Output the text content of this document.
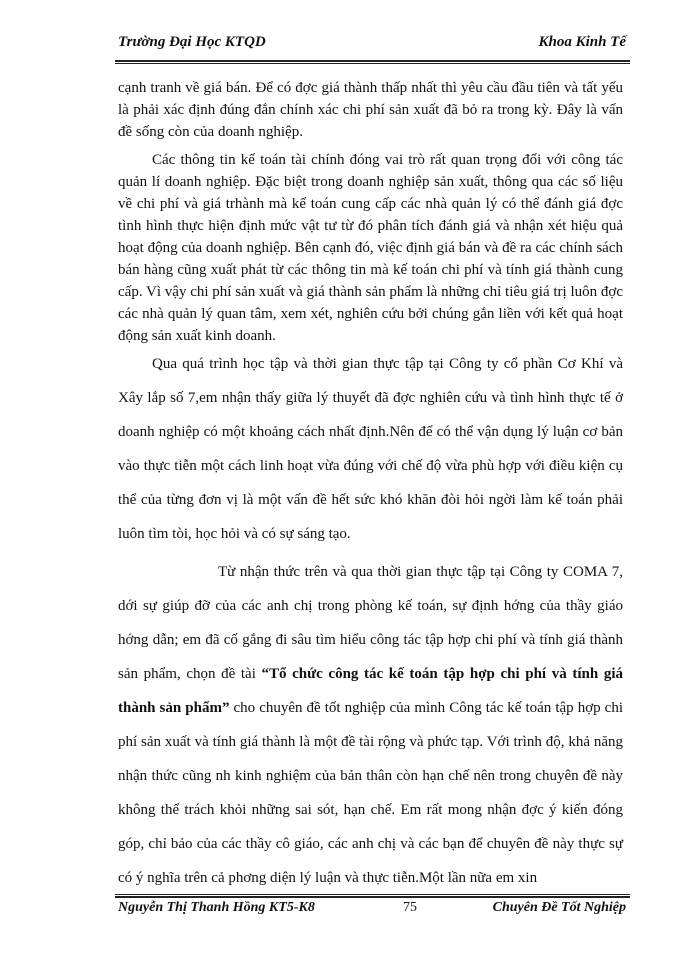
Trường Đại Học KTQD	Khoa Kinh Tế

cạnh tranh về giá bán. Để có đợc giá thành thấp nhất thì yêu cầu đầu tiên và tất yếu là phải xác định đúng đắn chính xác chi phí sản xuất đã bỏ ra trong kỳ. Đây là vấn đề sống còn của doanh nghiệp.

Các thông tin kế toán tài chính đóng vai trò rất quan trọng đối với công tác quản lí doanh nghiệp. Đặc biệt trong doanh nghiệp sản xuất, thông qua các số liệu về chi phí và giá trhành mà kế toán cung cấp các nhà quản lý có thể đánh giá đợc tình hình thực hiện định mức vật tư từ đó phân tích đánh giá và nhận xét hiệu quả hoạt động của doanh nghiệp. Bên cạnh đó, việc định giá bán và đề ra các chính sách bán hàng cũng xuất phát từ các thông tin mà kế toán chi phí và tính giá thành cung cấp. Vì vậy chi phí sản xuất và giá thành sản phẩm là những chỉ tiêu giá trị luôn đợc các nhà quản lý quan tâm, xem xét, nghiên cứu bởi chúng gắn liền với kết quả hoạt động sản xuất kinh doanh.

Qua quá trình học tập và thời gian thực tập tại Công ty cổ phần Cơ Khí và Xây lắp số 7,em nhận thấy giữa lý thuyết đã đợc nghiên cứu và tình hình thực tế ở doanh nghiệp có một khoảng cách nhất định.Nên để có thể vận dụng lý luận cơ bản vào thực tiễn một cách linh hoạt vừa đúng với chế độ vừa phù hợp với điều kiện cụ thể của từng đơn vị là một vấn đề hết sức khó khăn đòi hỏi ngời làm kế toán phải luôn tìm tòi, học hỏi và có sự sáng tạo.

Từ nhận thức trên và qua thời gian thực tập tại Công ty COMA 7, dới sự giúp đỡ của các anh chị trong phòng kế toán, sự định hớng của thầy giáo hớng dẫn; em đã cố gắng đi sâu tìm hiểu công tác tập hợp chi phí và tính giá thành sản phẩm, chọn đề tài “Tổ chức công tác kế toán tập hợp chi phí và tính giá thành sản phẩm” cho chuyên đề tốt nghiệp của mình Công tác kế toán tập hợp chi phí sản xuất và tính giá thành là một đề tài rộng và phức tạp. Với trình độ, khả năng nhận thức cũng nh kinh nghiệm của bản thân còn hạn chế nên trong chuyên đề này không thể trách khỏi những sai sót, hạn chế. Em rất mong nhận đợc ý kiến đóng góp, chỉ bảo của các thầy cô giáo, các anh chị và các bạn để chuyên đề này thực sự có ý nghĩa trên cả phơng diện lý luận và thực tiễn.Một lần nữa em xin

Nguyễn Thị Thanh Hồng KT5-K8	75	Chuyên Đề Tốt Nghiệp
